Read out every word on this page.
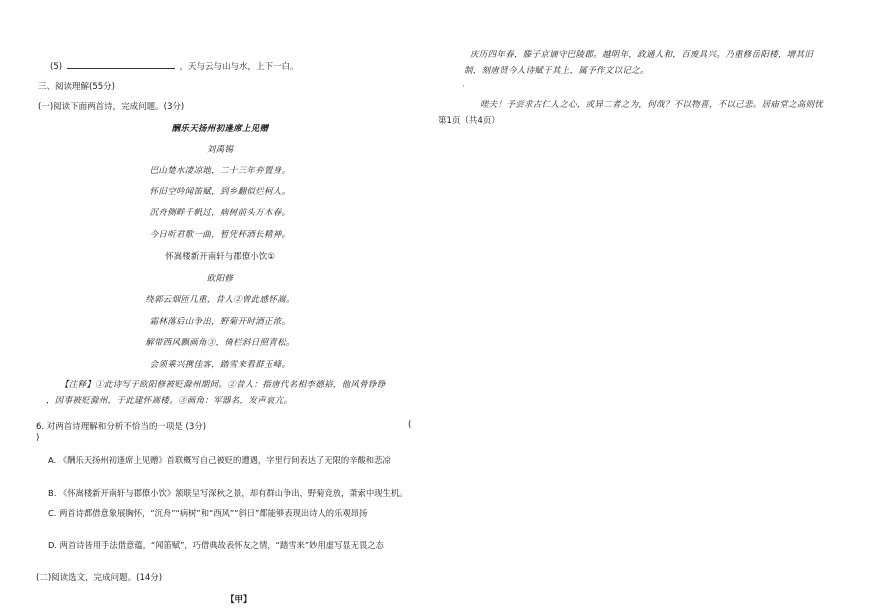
(5)	，天与云与山与水，上下一白。
三、阅读理解(55分)
(一)阅读下面两首诗，完成问题。(3分)
酬乐天扬州初逢席上见赠
刘禹锡
巴山楚水凄凉地，二十三年弃置身。
怀旧空吟闻笛赋，到乡翻似烂柯人。
沉舟侧畔千帆过，病树前头万木春。
今日听君歌一曲，暂凭杯酒长精神。
怀嵩楼新开南轩与郡僚小饮①
欧阳修
绕郭云烟匝几重，昔人②曾此感怀嵩。
霜林落后山争出，野菊开时酒正浓。
解带西风飘画角③，倚栏斜日照青松。
会须乘兴携佳客，踏雪来看群玉峰。
【注释】①此诗写于欧阳修被贬滁州期间。②昔人：指唐代名相李德裕，他风骨铮铮
，因事被贬滁州，于此建怀嵩楼。③画角：军器名，发声哀亢。
6. 对两首诗理解和分析不恰当的一项是 (3分)	(
)
A. 《酬乐天扬州初逢席上见赠》首联概写自己被贬的遭遇，字里行间表达了无限的辛酸和悲凉
B. 《怀嵩楼新开南轩与郡僚小饮》颔联呈写深秋之景，却有群山争出，野菊竞放，萧索中现生机。
C. 两首诗都借意象展胸怀，“沉舟”“病树”和“西风”“斜日”都能够表现出诗人的乐观昂扬
D. 两首诗皆用手法借意蕴，“闻笛赋”，巧借典故表怀友之情，“踏雪来”妙用虚写显无畏之态
(二)阅读选文，完成问题。(14分)
【甲】
庆历四年春，滕子京谪守巴陵郡。越明年，政通人和，百废具兴。乃重修岳阳楼，增其旧
制，刻唐贤今人诗赋于其上，属予作文以记之。
·
嗟夫！予尝求古仁人之心，或异二者之为，何哉？不以物喜，不以己悲。居庙堂之高则忧
第1页（共4页）
